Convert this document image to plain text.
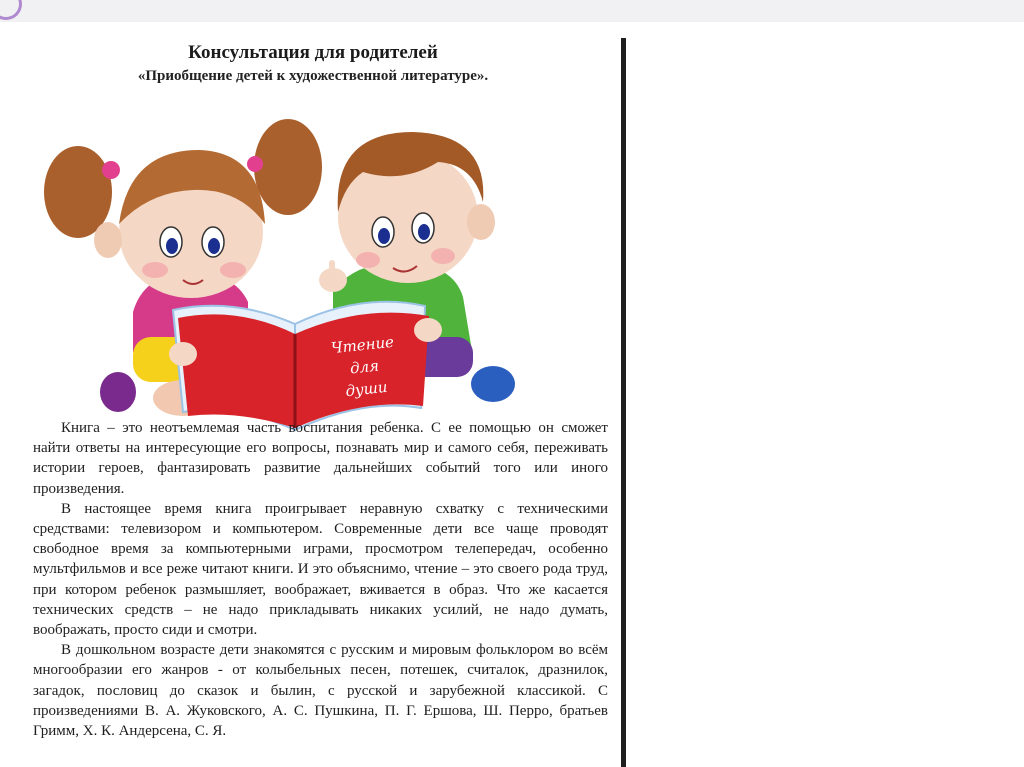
Консультация для родителей
«Приобщение детей к художественной литературе».
Чтение
для
души

Книга – это неотъемлемая часть воспитания ребенка. С ее помощью он сможет найти ответы на интересующие его вопросы, познавать мир и самого себя, переживать истории героев, фантазировать развитие дальнейших событий того или иного произведения.

В настоящее время книга проигрывает неравную схватку с техническими средствами: телевизором и компьютером. Современные дети все чаще проводят свободное время за компьютерными играми, просмотром телепередач, особенно мультфильмов и все реже читают книги. И это объяснимо, чтение – это своего рода труд, при котором ребенок размышляет, воображает, вживается в образ. Что же касается технических средств – не надо прикладывать никаких усилий, не надо думать, воображать, просто сиди и смотри.

В дошкольном возрасте дети знакомятся с русским и мировым фольклором во всём многообразии его жанров - от колыбельных песен, потешек, считалок, дразнилок, загадок, пословиц до сказок и былин, с русской и зарубежной классикой. С произведениями В. А. Жуковского, А. С. Пушкина, П. Г. Ершова, Ш. Перро, братьев Гримм, Х. К. Андерсена, С. Я.
